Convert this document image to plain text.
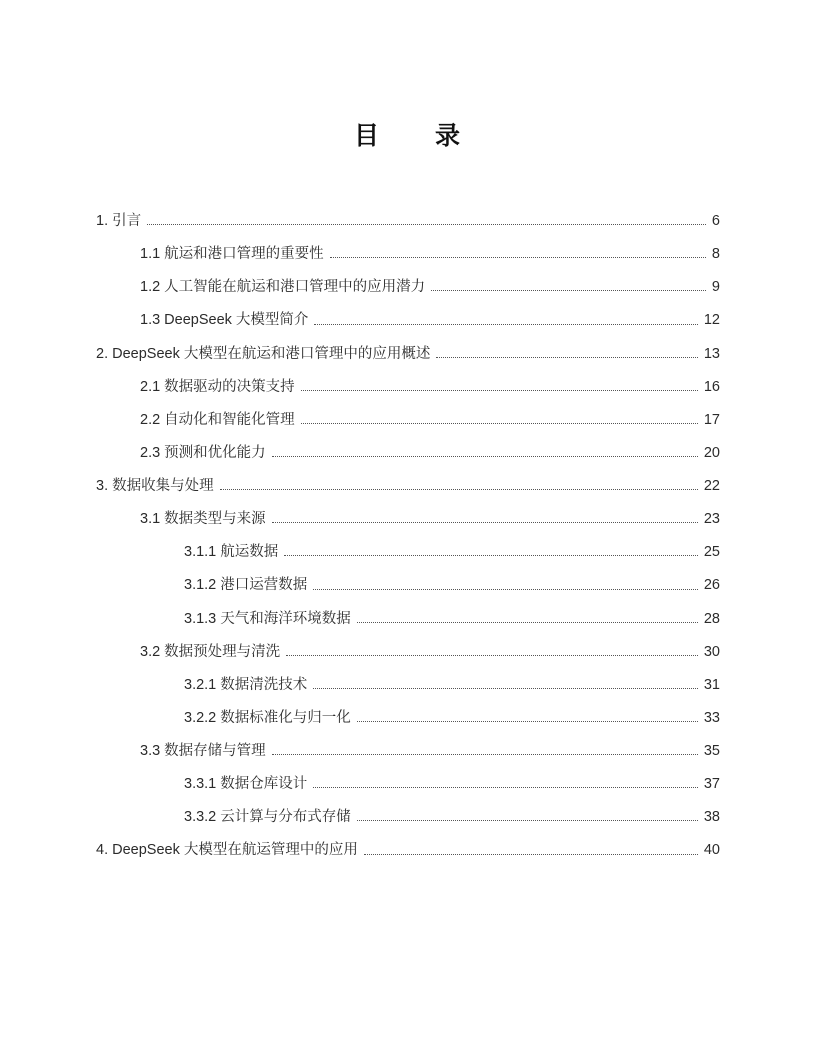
目　　录
1. 引言	6
1.1 航运和港口管理的重要性	8
1.2 人工智能在航运和港口管理中的应用潜力	9
1.3 DeepSeek 大模型简介	12
2. DeepSeek 大模型在航运和港口管理中的应用概述	13
2.1 数据驱动的决策支持	16
2.2 自动化和智能化管理	17
2.3 预测和优化能力	20
3. 数据收集与处理	22
3.1 数据类型与来源	23
3.1.1 航运数据	25
3.1.2 港口运营数据	26
3.1.3 天气和海洋环境数据	28
3.2 数据预处理与清洗	30
3.2.1 数据清洗技术	31
3.2.2 数据标准化与归一化	33
3.3 数据存储与管理	35
3.3.1 数据仓库设计	37
3.3.2 云计算与分布式存储	38
4. DeepSeek 大模型在航运管理中的应用	40
